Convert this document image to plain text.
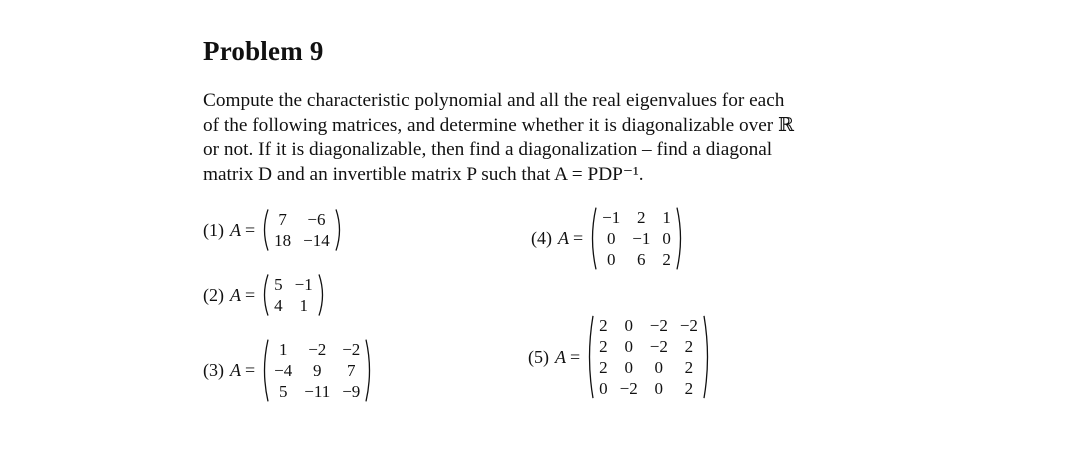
Problem 9
Compute the characteristic polynomial and all the real eigenvalues for each
of the following matrices, and determine whether it is diagonalizable over ℝ
or not. If it is diagonalizable, then find a diagonalization – find a diagonal
matrix D and an invertible matrix P such that A = PDP⁻¹.
(1) A = 7	−6
18	−14
(2) A = 5	−1
4	1
(3) A =
1	−2	−2
−4	9	7
5	−11	−9
(4) A =
−1	2	1
0	−1	0
0	6	2
(5) A =
2	0	−2	−2
2	0	−2	2
2	0	0	2
0	−2	0	2
